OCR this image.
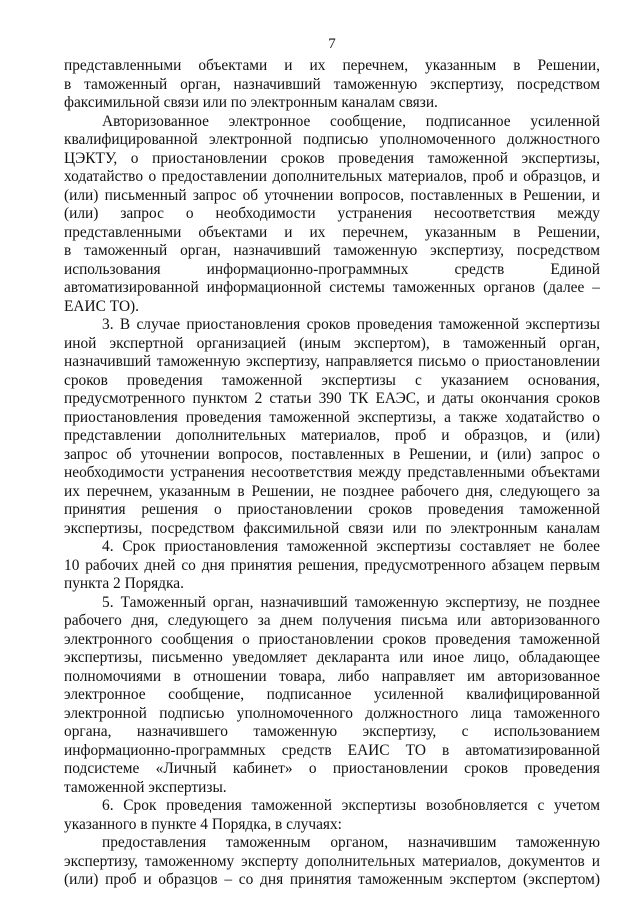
7

представленными объектами и их перечнем, указанным в Решении,

в таможенный орган, назначивший таможенную экспертизу, посредством

факсимильной связи или по электронным каналам связи.

Авторизованное электронное сообщение, подписанное усиленной

квалифицированной электронной подписью уполномоченного должностного

ЦЭКТУ, о приостановлении сроков проведения таможенной экспертизы,

ходатайство о предоставлении дополнительных материалов, проб и образцов, и

(или) письменный запрос об уточнении вопросов, поставленных в Решении, и

(или) запрос о необходимости устранения несоответствия между

представленными объектами и их перечнем, указанным в Решении,

в таможенный орган, назначивший таможенную экспертизу, посредством

использования информационно-программных средств Единой

автоматизированной информационной системы таможенных органов (далее –

ЕАИС ТО).

3. В случае приостановления сроков проведения таможенной экспертизы

иной экспертной организацией (иным экспертом), в таможенный орган,

назначивший таможенную экспертизу, направляется письмо о приостановлении

сроков проведения таможенной экспертизы с указанием основания,

предусмотренного пунктом 2 статьи 390 ТК ЕАЭС, и даты окончания сроков

приостановления проведения таможенной экспертизы, а также ходатайство о

представлении дополнительных материалов, проб и образцов, и (или)

запрос об уточнении вопросов, поставленных в Решении, и (или) запрос о

необходимости устранения несоответствия между представленными объектами

их перечнем, указанным в Решении, не позднее рабочего дня, следующего за

принятия решения о приостановлении сроков проведения таможенной

экспертизы, посредством факсимильной связи или по электронным каналам

4. Срок приостановления таможенной экспертизы составляет не более

10 рабочих дней со дня принятия решения, предусмотренного абзацем первым

пункта 2 Порядка.

5. Таможенный орган, назначивший таможенную экспертизу, не позднее

рабочего дня, следующего за днем получения письма или авторизованного

электронного сообщения о приостановлении сроков проведения таможенной

экспертизы, письменно уведомляет декларанта или иное лицо, обладающее

полномочиями в отношении товара, либо направляет им авторизованное

электронное сообщение, подписанное усиленной квалифицированной

электронной подписью уполномоченного должностного лица таможенного

органа, назначившего таможенную экспертизу, с использованием

информационно-программных средств ЕАИС ТО в автоматизированной

подсистеме «Личный кабинет» о приостановлении сроков проведения

таможенной экспертизы.

6. Срок проведения таможенной экспертизы возобновляется с учетом

указанного в пункте 4 Порядка, в случаях:

предоставления таможенным органом, назначившим таможенную

экспертизу, таможенному эксперту дополнительных материалов, документов и

(или) проб и образцов – со дня принятия таможенным экспертом (экспертом)
